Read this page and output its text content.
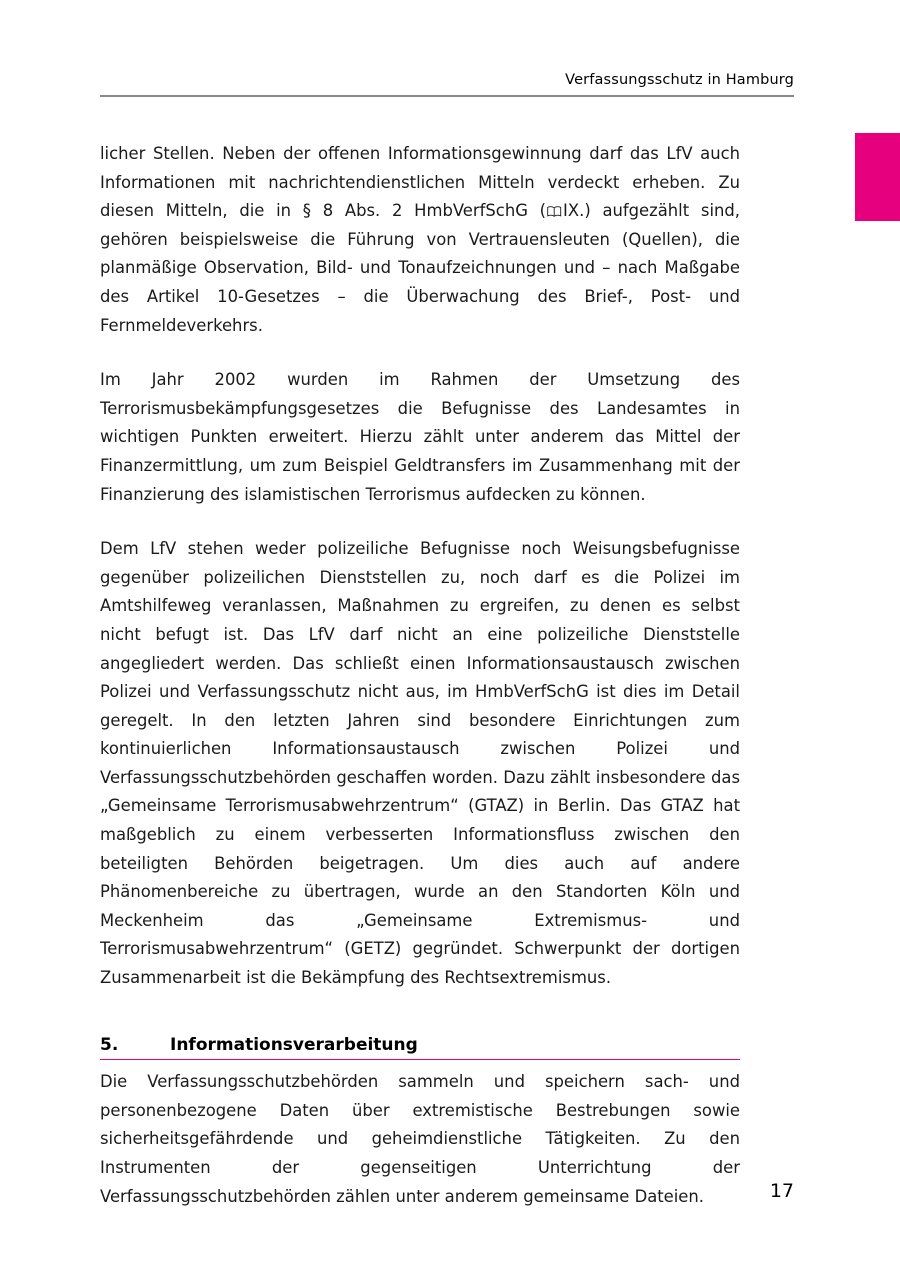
Verfassungsschutz in Hamburg

licher Stellen. Neben der offenen Informationsgewinnung darf das LfV auch Informationen mit nachrichtendienstlichen Mitteln verdeckt erheben. Zu diesen Mitteln, die in § 8 Abs. 2 HmbVerfSchG ( IX.) aufgezählt sind, gehören beispielsweise die Führung von Vertrauensleuten (Quellen), die planmäßige Observation, Bild- und Tonaufzeichnungen und – nach Maßgabe des Artikel 10-Gesetzes – die Überwachung des Brief-, Post- und Fernmeldeverkehrs.

Im Jahr 2002 wurden im Rahmen der Umsetzung des Terrorismusbekämpfungsgesetzes die Befugnisse des Landesamtes in wichtigen Punkten erweitert. Hierzu zählt unter anderem das Mittel der Finanzermittlung, um zum Beispiel Geldtransfers im Zusammenhang mit der Finanzierung des islamistischen Terrorismus aufdecken zu können.

Dem LfV stehen weder polizeiliche Befugnisse noch Weisungsbefugnisse gegenüber polizeilichen Dienststellen zu, noch darf es die Polizei im Amtshilfeweg veranlassen, Maßnahmen zu ergreifen, zu denen es selbst nicht befugt ist. Das LfV darf nicht an eine polizeiliche Dienststelle angegliedert werden. Das schließt einen Informationsaustausch zwischen Polizei und Verfassungsschutz nicht aus, im HmbVerfSchG ist dies im Detail geregelt. In den letzten Jahren sind besondere Einrichtungen zum kontinuierlichen Informationsaustausch zwischen Polizei und Verfassungsschutzbehörden geschaffen worden. Dazu zählt insbesondere das „Gemeinsame Terrorismusabwehrzentrum“ (GTAZ) in Berlin. Das GTAZ hat maßgeblich zu einem verbesserten Informationsfluss zwischen den beteiligten Behörden beigetragen. Um dies auch auf andere Phänomenbereiche zu übertragen, wurde an den Standorten Köln und Meckenheim das „Gemeinsame Extremismus- und Terrorismusabwehrzentrum“ (GETZ) gegründet. Schwerpunkt der dortigen Zusammenarbeit ist die Bekämpfung des Rechtsextremismus.

5.	Informationsverarbeitung

Die Verfassungsschutzbehörden sammeln und speichern sach- und personenbezogene Daten über extremistische Bestrebungen sowie sicherheitsgefährdende und geheimdienstliche Tätigkeiten. Zu den Instrumenten der gegenseitigen Unterrichtung der Verfassungsschutzbehörden zählen unter anderem gemeinsame Dateien.	17
